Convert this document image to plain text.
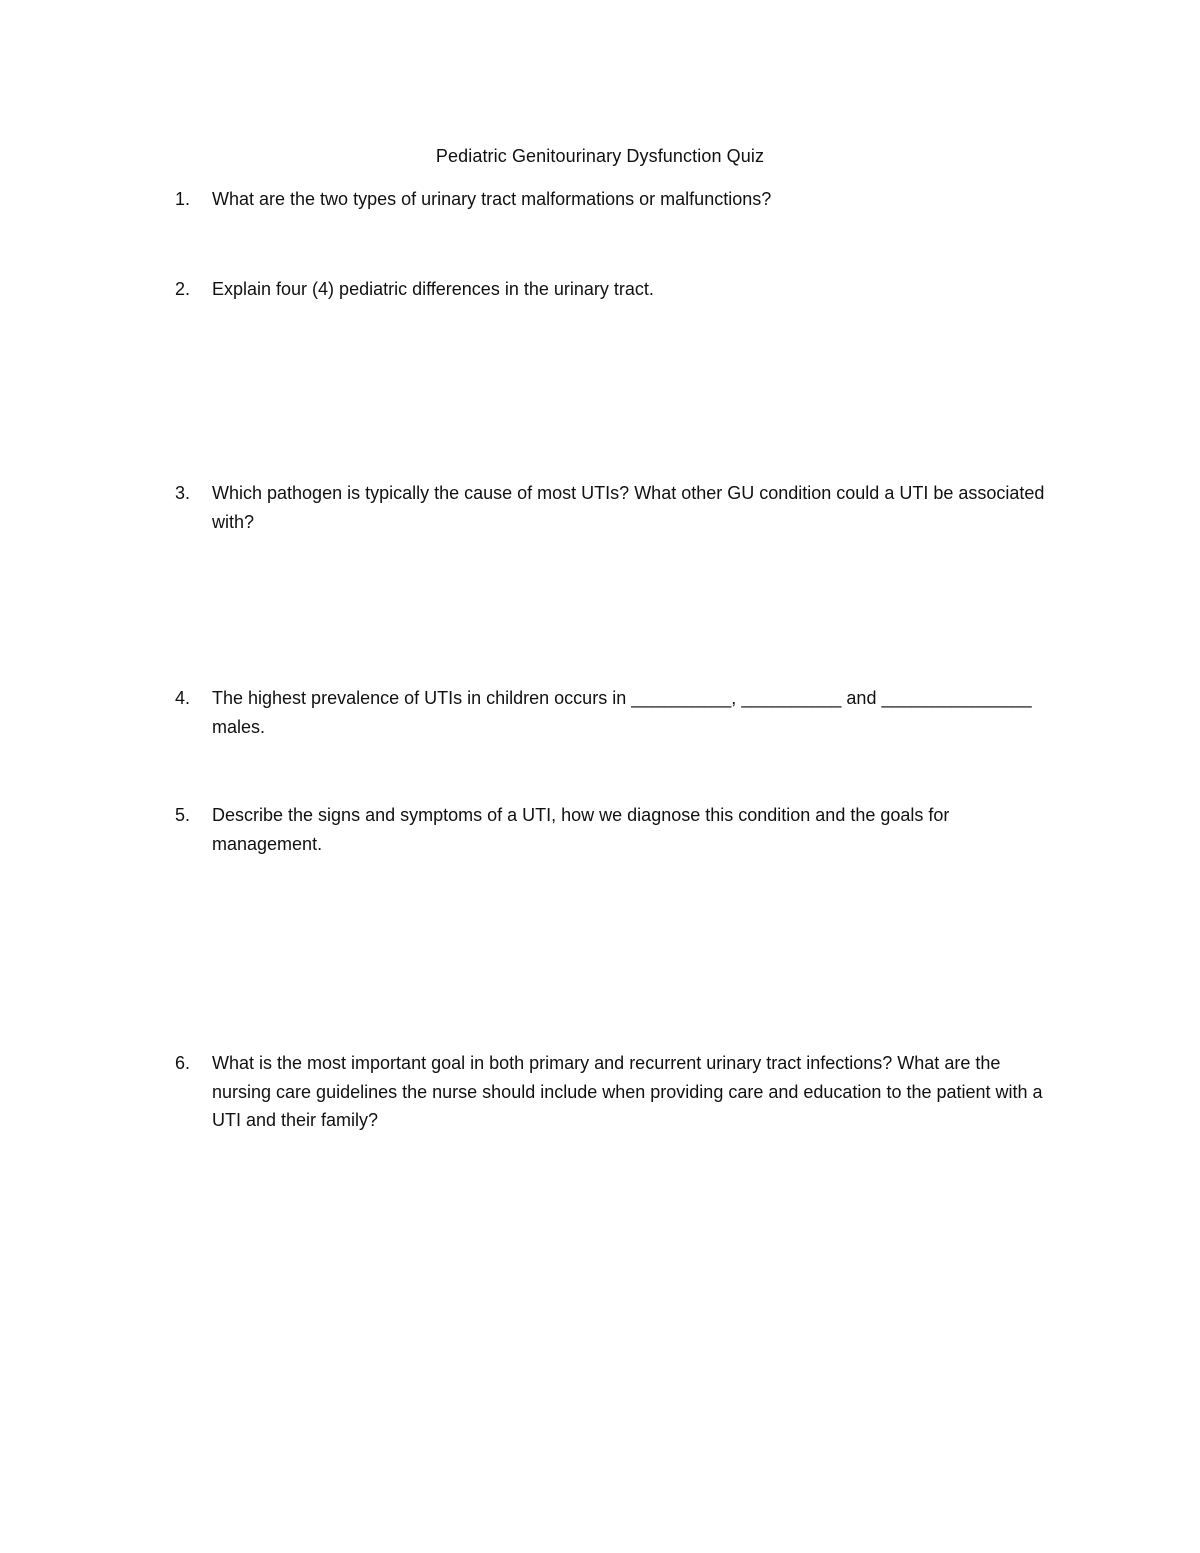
Pediatric Genitourinary Dysfunction Quiz
1.	What are the two types of urinary tract malformations or malfunctions?
2.	Explain four (4) pediatric differences in the urinary tract.
3.	Which pathogen is typically the cause of most UTIs? What other GU condition could a UTI be associated with?
4.	The highest prevalence of UTIs in children occurs in __________, __________ and _______________ males.
5.	Describe the signs and symptoms of a UTI, how we diagnose this condition and the goals for management.
6.	What is the most important goal in both primary and recurrent urinary tract infections? What are the nursing care guidelines the nurse should include when providing care and education to the patient with a UTI and their family?
